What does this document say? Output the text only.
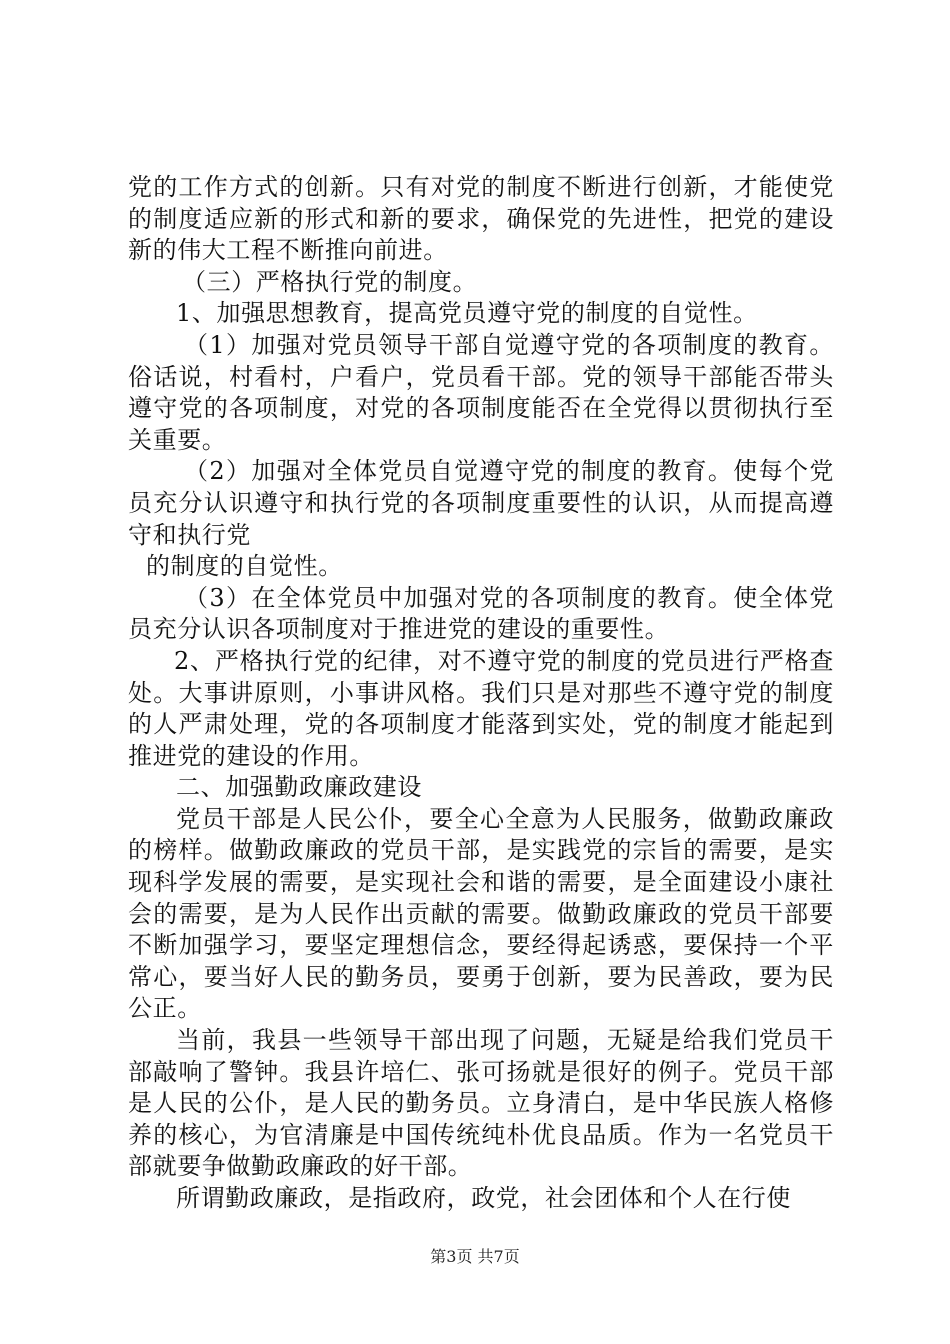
党的工作方式的创新。只有对党的制度不断进行创新，才能使党的制度适应新的形式和新的要求，确保党的先进性，把党的建设新的伟大工程不断推向前进。

（三）严格执行党的制度。

1、加强思想教育，提高党员遵守党的制度的自觉性。

（1）加强对党员领导干部自觉遵守党的各项制度的教育。俗话说，村看村，户看户，党员看干部。党的领导干部能否带头遵守党的各项制度，对党的各项制度能否在全党得以贯彻执行至关重要。

（2）加强对全体党员自觉遵守党的制度的教育。使每个党员充分认识遵守和执行党的各项制度重要性的认识，从而提高遵守和执行党

的制度的自觉性。

（3）在全体党员中加强对党的各项制度的教育。使全体党员充分认识各项制度对于推进党的建设的重要性。

2、严格执行党的纪律，对不遵守党的制度的党员进行严格查处。大事讲原则，小事讲风格。我们只是对那些不遵守党的制度的人严肃处理，党的各项制度才能落到实处，党的制度才能起到推进党的建设的作用。

二、加强勤政廉政建设

党员干部是人民公仆，要全心全意为人民服务，做勤政廉政的榜样。做勤政廉政的党员干部，是实践党的宗旨的需要，是实现科学发展的需要，是实现社会和谐的需要，是全面建设小康社会的需要，是为人民作出贡献的需要。做勤政廉政的党员干部要不断加强学习，要坚定理想信念，要经得起诱惑，要保持一个平常心，要当好人民的勤务员，要勇于创新，要为民善政，要为民公正。

当前，我县一些领导干部出现了问题，无疑是给我们党员干部敲响了警钟。我县许培仁、张可扬就是很好的例子。党员干部是人民的公仆，是人民的勤务员。立身清白，是中华民族人格修养的核心，为官清廉是中国传统纯朴优良品质。作为一名党员干部就要争做勤政廉政的好干部。

所谓勤政廉政，是指政府，政党，社会团体和个人在行使

第3页 共7页
